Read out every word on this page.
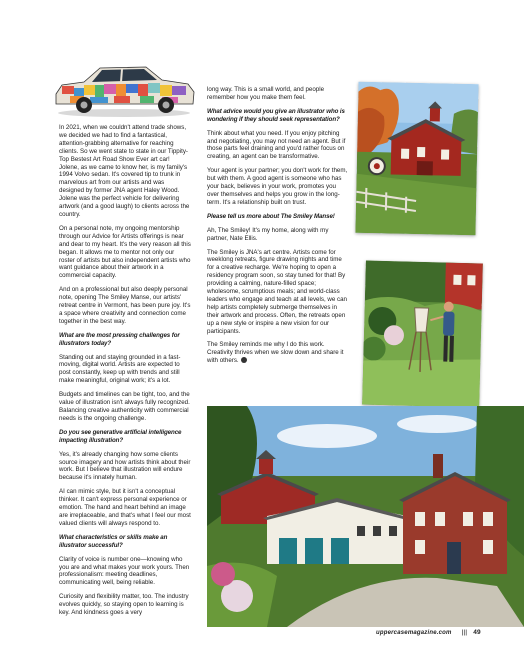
In 2021, when we couldn't attend trade shows, we decided we had to find a fantastical, attention-grabbing alternative for reaching clients. So we went state to state in our Tippity-Top Bestest Art Road Show Ever art car! Jolene, as we came to know her, is my family's 1994 Volvo sedan. It's covered tip to trunk in marvelous art from our artists and was designed by former JNA agent Haley Wood. Jolene was the perfect vehicle for delivering artwork (and a good laugh) to clients across the country.

On a personal note, my ongoing mentorship through our Advice for Artists offerings is near and dear to my heart. It's the very reason all this began. It allows me to mentor not only our roster of artists but also independent artists who want guidance about their artwork in a commercial capacity.

And on a professional but also deeply personal note, opening The Smiley Manse, our artists' retreat centre in Vermont, has been pure joy. It's a space where creativity and connection come together in the best way.

What are the most pressing challenges for illustrators today?

Standing out and staying grounded in a fast-moving, digital world. Artists are expected to post constantly, keep up with trends and still make meaningful, original work; it's a lot.

Budgets and timelines can be tight, too, and the value of illustration isn't always fully recognized. Balancing creative authenticity with commercial needs is the ongoing challenge.

Do you see generative artificial intelligence impacting illustration?

Yes, it's already changing how some clients source imagery and how artists think about their work. But I believe that illustration will endure because it's innately human.

AI can mimic style, but it isn't a conceptual thinker. It can't express personal experience or emotion. The hand and heart behind an image are irreplaceable, and that's what I feel our most valued clients will always respond to.

What characteristics or skills make an illustrator successful?

Clarity of voice is number one—knowing who you are and what makes your work yours. Then professionalism: meeting deadlines, communicating well, being reliable.

Curiosity and flexibility matter, too. The industry evolves quickly, so staying open to learning is key. And kindness goes a very

long way. This is a small world, and people remember how you make them feel.

What advice would you give an illustrator who is wondering if they should seek representation?

Think about what you need. If you enjoy pitching and negotiating, you may not need an agent. But if those parts feel draining and you'd rather focus on creating, an agent can be transformative.

Your agent is your partner; you don't work for them, but with them. A good agent is someone who has your back, believes in your work, promotes you over themselves and helps you grow in the long-term. It's a relationship built on trust.

Please tell us more about The Smiley Manse!

Ah, The Smiley! It's my home, along with my partner, Nate Ellis.

The Smiley is JNA's art centre. Artists come for weeklong retreats, figure drawing nights and time for a creative recharge. We're hoping to open a residency program soon, so stay tuned for that! By providing a calming, nature-filled space; wholesome, scrumptious meals; and world-class leaders who engage and teach at all levels, we can help artists completely submerge themselves in their artwork and process. Often, the retreats open up a new style or inspire a new vision for our participants.

The Smiley reminds me why I do this work. Creativity thrives when we slow down and share it with others.

uppercasemagazine.com ||| 49
